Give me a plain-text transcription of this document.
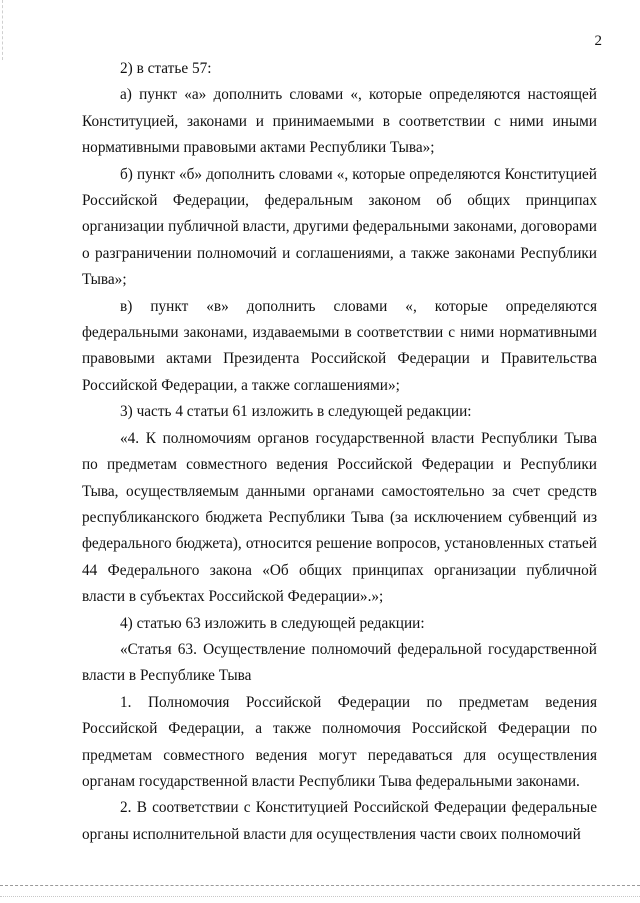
2

2) в статье 57:

а) пункт «а» дополнить словами «, которые определяются настоящей Конституцией, законами и принимаемыми в соответствии с ними иными нормативными правовыми актами Республики Тыва»;

б) пункт «б» дополнить словами «, которые определяются Конституцией Российской Федерации, федеральным законом об общих принципах организации публичной власти, другими федеральными законами, договорами о разграничении полномочий и соглашениями, а также законами Республики Тыва»;

в) пункт «в» дополнить словами «, которые определяются федеральными законами, издаваемыми в соответствии с ними нормативными правовыми актами Президента Российской Федерации и Правительства Российской Федерации, а также соглашениями»;

3) часть 4 статьи 61 изложить в следующей редакции:

«4. К полномочиям органов государственной власти Республики Тыва по предметам совместного ведения Российской Федерации и Республики Тыва, осуществляемым данными органами самостоятельно за счет средств республиканского бюджета Республики Тыва (за исключением субвенций из федерального бюджета), относится решение вопросов, установленных статьей 44 Федерального закона «Об общих принципах организации публичной власти в субъектах Российской Федерации».»;

4) статью 63 изложить в следующей редакции:

«Статья 63. Осуществление полномочий федеральной государственной власти в Республике Тыва

1. Полномочия Российской Федерации по предметам ведения Российской Федерации, а также полномочия Российской Федерации по предметам совместного ведения могут передаваться для осуществления органам государственной власти Республики Тыва федеральными законами.

2. В соответствии с Конституцией Российской Федерации федеральные органы исполнительной власти для осуществления части своих полномочий
